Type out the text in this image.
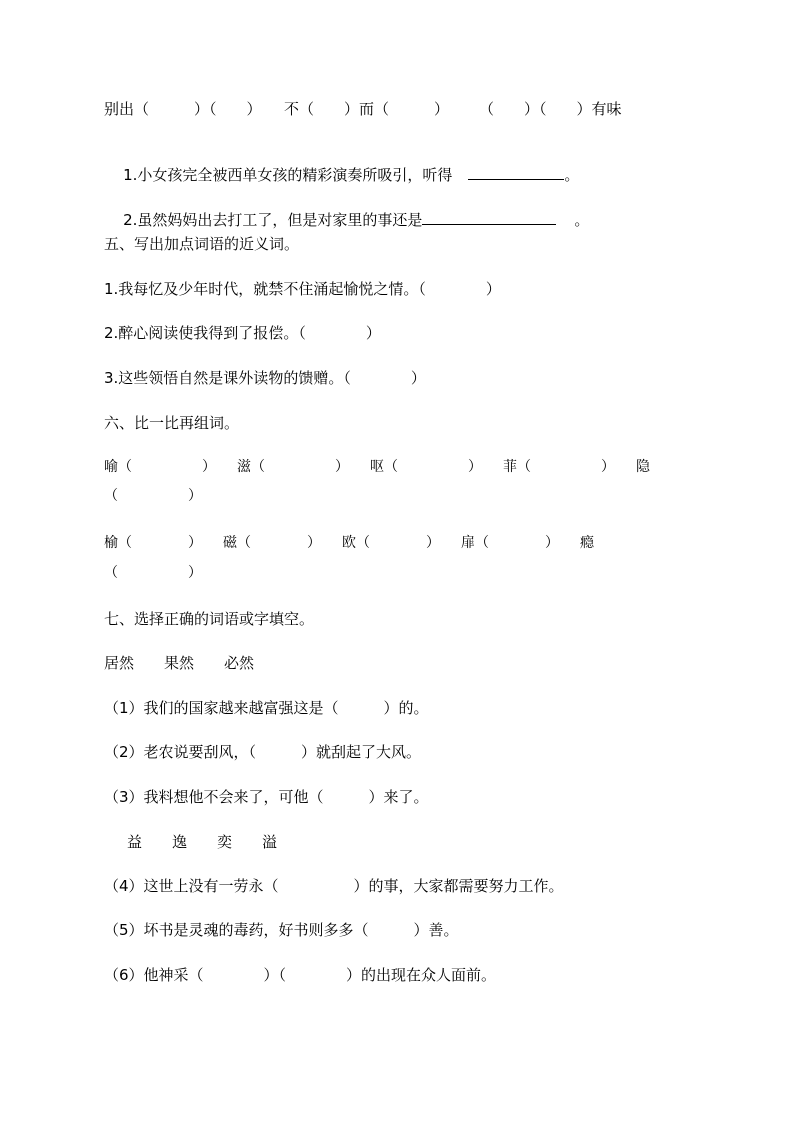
别出（　　　）（　　）　　不（　　）而（　　　）　　　（　　）（　　）有味

1.小女孩完全被西单女孩的精彩演奏所吸引，听得	。

2.虽然妈妈出去打工了，但是对家里的事还是	。

五、写出加点词语的近义词。
1.我每忆及少年时代，就禁不住涌起愉悦之情。（　　　　）
2.醉心阅读使我得到了报偿。（　　　　）
3.这些领悟自然是课外读物的馈赠。（　　　　）
六、比一比再组词。
喻（　　　　　）　　滋（　　　　　）　　呕（　　　　　）　　菲（　　　　　）　　隐
（　　　　　）
榆（　　　　）　　磁（　　　　）　　欧（　　　　）　　扉（　　　　）　　瘾
（　　　　　）
七、选择正确的词语或字填空。
居然　　果然　　必然
（1）我们的国家越来越富强这是（　　　）的。
（2）老农说要刮风，（　　　）就刮起了大风。
（3）我料想他不会来了，可他（　　　）来了。
　益　　逸　　奕　　溢
（4）这世上没有一劳永（　　　　　）的事，大家都需要努力工作。
（5）坏书是灵魂的毒药，好书则多多（　　　）善。
（6）他神采（　　　　）（　　　　）的出现在众人面前。
